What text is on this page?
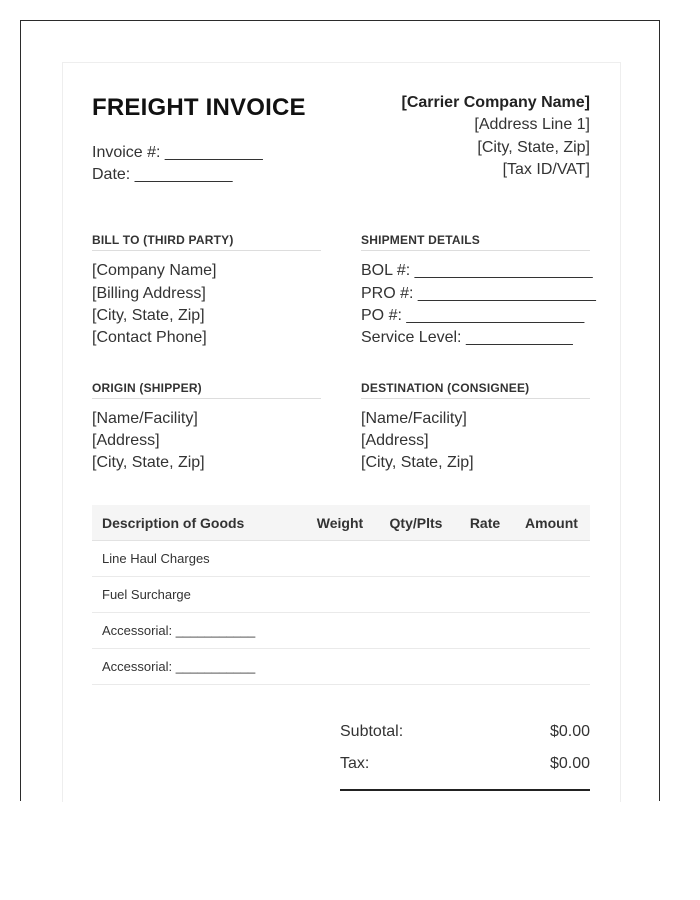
FREIGHT INVOICE
Invoice #: ___________
Date: ___________
[Carrier Company Name]
[Address Line 1]
[City, State, Zip]
[Tax ID/VAT]
BILL TO (THIRD PARTY)
[Company Name]
[Billing Address]
[City, State, Zip]
[Contact Phone]
SHIPMENT DETAILS
BOL #: ____________________
PRO #: ____________________
PO #: ____________________
Service Level: ____________
ORIGIN (SHIPPER)
[Name/Facility]
[Address]
[City, State, Zip]
DESTINATION (CONSIGNEE)
[Name/Facility]
[Address]
[City, State, Zip]
Description of Goods	Weight	Qty/Plts	Rate	Amount
Line Haul Charges				
Fuel Surcharge				
Accessorial: ___________				
Accessorial: ___________				
Subtotal:	$0.00
Tax:	$0.00
